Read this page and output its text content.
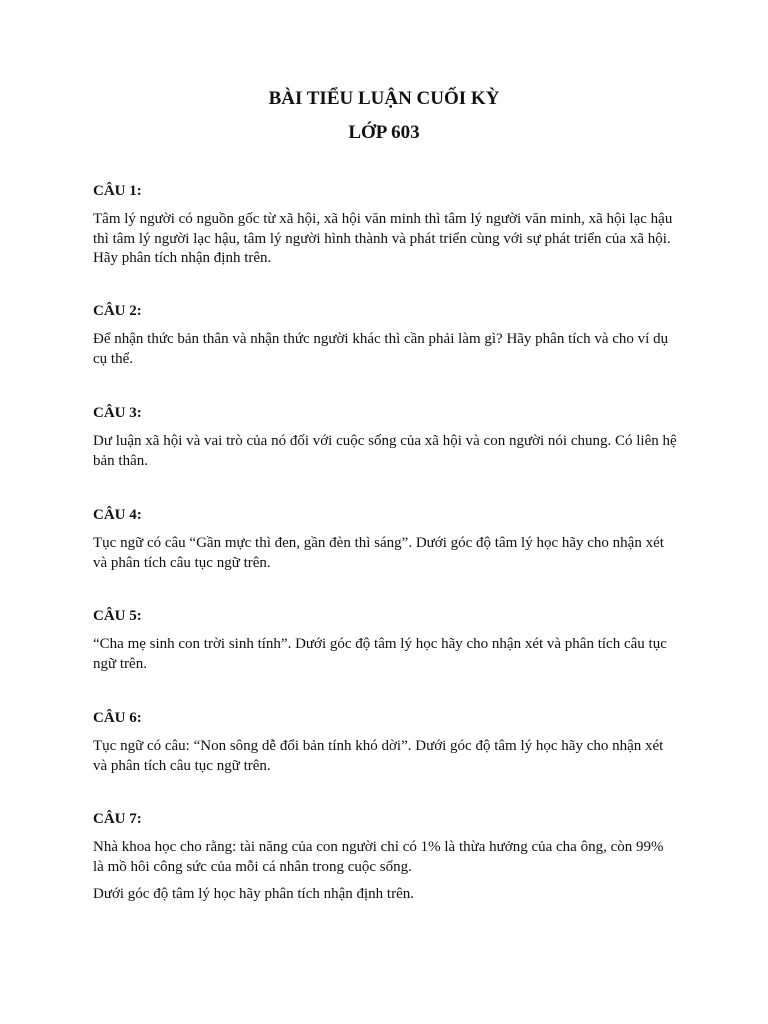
BÀI TIỂU LUẬN CUỐI KỲ
LỚP 603

CÂU 1:

Tâm lý người có nguồn gốc từ xã hội, xã hội văn minh thì tâm lý người văn minh, xã hội lạc hậu thì tâm lý người lạc hậu, tâm lý người hình thành và phát triển cùng với sự phát triển của xã hội. Hãy phân tích nhận định trên.

CÂU 2:

Để nhận thức bản thân và nhận thức người khác thì cần phải làm gì? Hãy phân tích và cho ví dụ cụ thể.

CÂU 3:

Dư luận xã hội và vai trò của nó đối với cuộc sống của xã hội và con người nói chung. Có liên hệ bản thân.

CÂU 4:

Tục ngữ có câu “Gần mực thì đen, gần đèn thì sáng”. Dưới góc độ tâm lý học hãy cho nhận xét và phân tích câu tục ngữ trên.

CÂU 5:

“Cha mẹ sinh con trời sinh tính”. Dưới góc độ tâm lý học hãy cho nhận xét và phân tích câu tục ngữ trên.

CÂU 6:

Tục ngữ có câu: “Non sông dễ đổi bản tính khó dời”. Dưới góc độ tâm lý học hãy cho nhận xét và phân tích câu tục ngữ trên.

CÂU 7:

Nhà khoa học cho rằng: tài năng của con người chỉ có 1% là thừa hưởng của cha ông, còn 99% là mồ hôi công sức của mỗi cá nhân trong cuộc sống.

Dưới góc độ tâm lý học hãy phân tích nhận định trên.
